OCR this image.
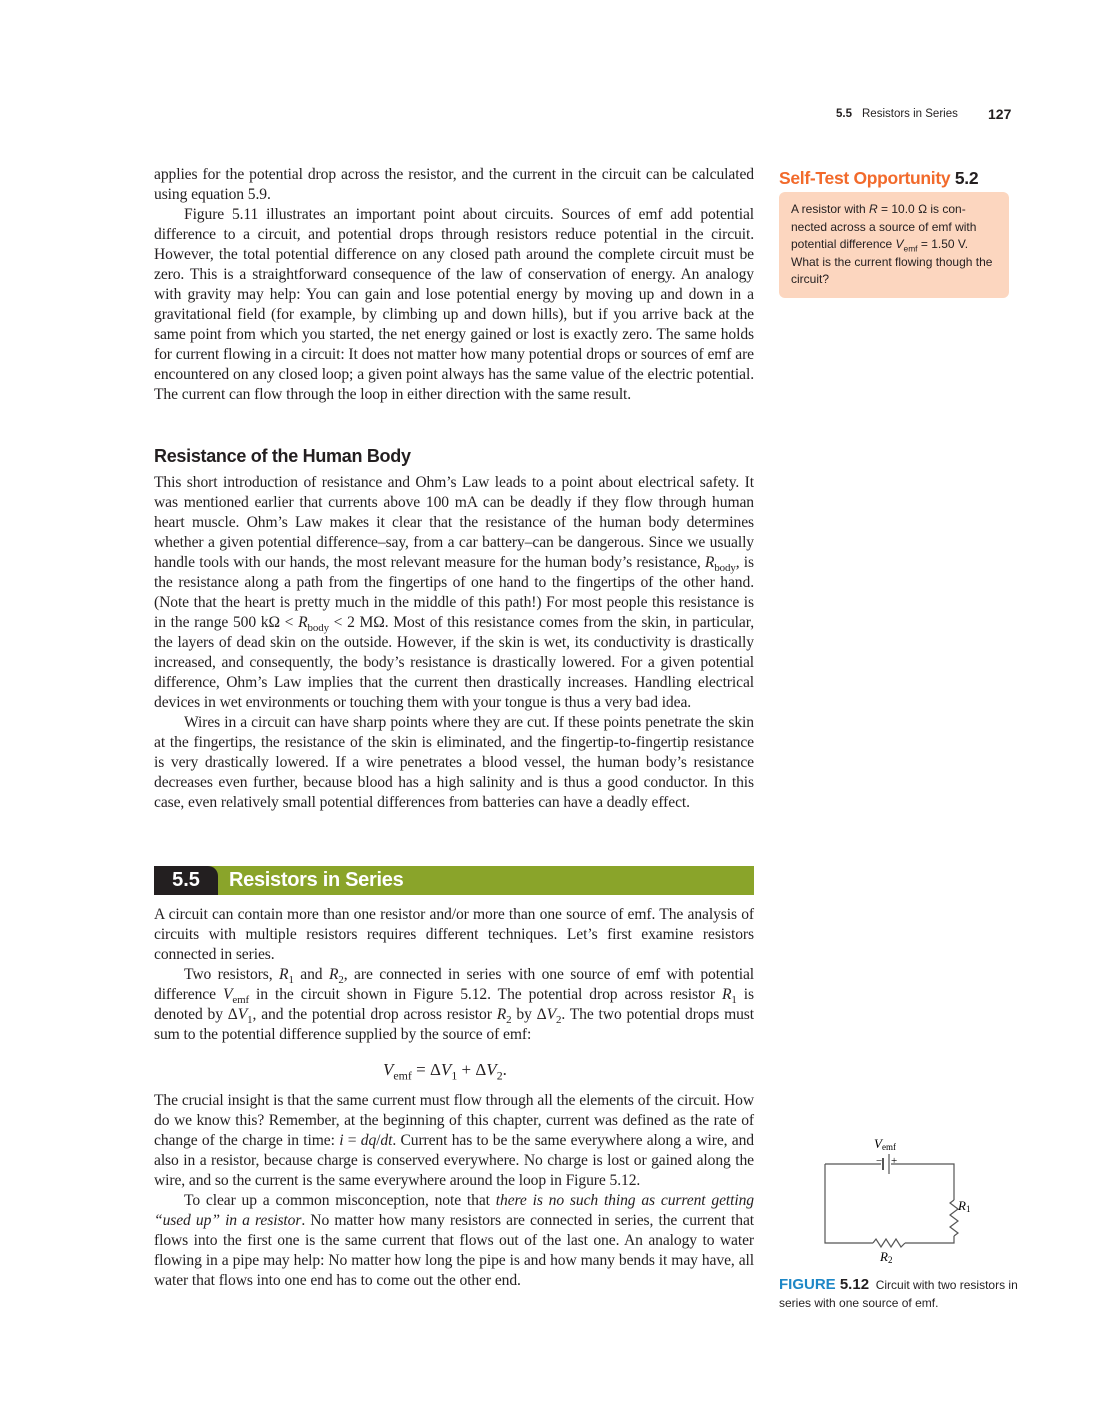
5.5 Resistors in Series 127

applies for the potential drop across the resistor, and the current in the circuit can be calculated using equation 5.9.

Figure 5.11 illustrates an important point about circuits. Sources of emf add potential difference to a circuit, and potential drops through resistors reduce potential in the circuit. However, the total potential difference on any closed path around the complete circuit must be zero. This is a straightforward consequence of the law of conservation of energy. An analogy with gravity may help: You can gain and lose potential energy by moving up and down in a gravitational field (for example, by climbing up and down hills), but if you arrive back at the same point from which you started, the net energy gained or lost is exactly zero. The same holds for current flowing in a circuit: It does not matter how many potential drops or sources of emf are encountered on any closed loop; a given point always has the same value of the electric potential. The current can flow through the loop in either direction with the same result.

Resistance of the Human Body

This short introduction of resistance and Ohm’s Law leads to a point about electrical safety. It was mentioned earlier that currents above 100 mA can be deadly if they flow through human heart muscle. Ohm’s Law makes it clear that the resistance of the human body determines whether a given potential difference–say, from a car battery–can be dangerous. Since we usually handle tools with our hands, the most relevant measure for the human body’s resistance, $R_{body}$, is the resistance along a path from the fingertips of one hand to the fingertips of the other hand. (Note that the heart is pretty much in the middle of this path!) For most people this resistance is in the range 500 $k\Omega < R_{body} < 2$ MΩ. Most of this resistance comes from the skin, in particular, the layers of dead skin on the outside. However, if the skin is wet, its conductivity is drastically increased, and consequently, the body’s resistance is drastically lowered. For a given potential difference, Ohm’s Law implies that the current then drastically increases. Handling electrical devices in wet environments or touching them with your tongue is thus a very bad idea.

Wires in a circuit can have sharp points where they are cut. If these points penetrate the skin at the fingertips, the resistance of the skin is eliminated, and the fingertip-to-fingertip resistance is very drastically lowered. If a wire penetrates a blood vessel, the human body’s resistance decreases even further, because blood has a high salinity and is thus a good conductor. In this case, even relatively small potential differences from batteries can have a deadly effect.

5.5	Resistors in Series

A circuit can contain more than one resistor and/or more than one source of emf. The analysis of circuits with multiple resistors requires different techniques. Let’s first examine resistors connected in series.

Two resistors, $R_1$ and $R_2$, are connected in series with one source of emf with potential difference $V_{emf}$ in the circuit shown in Figure 5.12. The potential drop across resistor $R_1$ is denoted by $\Delta V_1$, and the potential drop across resistor $R_2$ by $\Delta V_2$. The two potential drops must sum to the potential difference supplied by the source of emf:

$V_{emf} = \Delta V_1 + \Delta V_2$.

The crucial insight is that the same current must flow through all the elements of the circuit. How do we know this? Remember, at the beginning of this chapter, current was defined as the rate of change of the charge in time: i = dq/dt. Current has to be the same everywhere along a wire, and also in a resistor, because charge is conserved everywhere. No charge is lost or gained along the wire, and so the current is the same everywhere around the loop in Figure 5.12.

To clear up a common misconception, note that there is no such thing as current getting “used up” in a resistor. No matter how many resistors are connected in series, the current that flows into the first one is the same current that flows out of the last one. An analogy to water flowing in a pipe may help: No matter how long the pipe is and how many bends it may have, all water that flows into one end has to come out the other end.

Self-Test Opportunity 5.2
A resistor with R = 10.0 Ω is connected across a source of emf with potential difference $V_{emf} = 1.50$ V. What is the current flowing though the circuit?
Vemf
− +
R1
R2
FIGURE 5.12 Circuit with two resistors in series with one source of emf.
